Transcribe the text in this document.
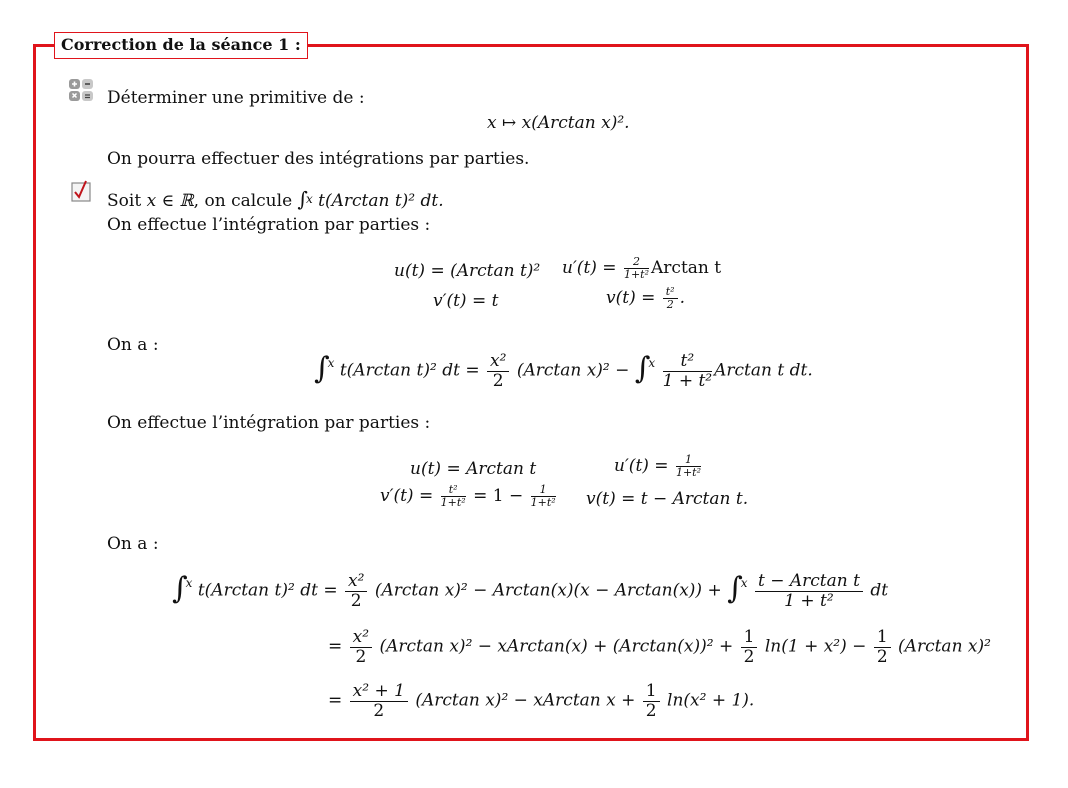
Correction de la séance 1 :
Déterminer une primitive de :
x ↦ x(Arctan x)².
On pourra effectuer des intégrations par parties.
Soit x ∈ ℝ, on calcule ∫$^x$ t(Arctan t)² dt.
On effectue l’intégration par parties :
u(t) = (Arctan t)² $u'(t) = \frac{2}{\text{1+t²}}$ Arctan t
v′(t) = t	$v(t) = \frac{\text{t²}}{2}$ .
On a :
∫$^x$ t(Arctan t)² dt = $\frac{\text{x²}}{2} (Arctan$ $x)^2 - \int^x \frac{\text{t²}}{\text{1 + t²}}$ Arctan t dt.
On effectue l’intégration par parties :
u(t) = Arctan t	$u'(t) = \frac{1}{\text{1+t²}}$
$v'(t) = \frac{\text{t²}}{\text{1+t²}} = 1 - \frac{1}{\text{1+t²}} v(t) = t - Arctan$ t.
On a :
∫$^x$ t(Arctan t)² dt = $\frac{\text{x²}}{2} (Arctan$ $x)^2 - Arctan(x)(x - Arctan(x)) + \int^x \frac{\text{t − Arctan t}}{\text{1 + t²}}$ dt
= $\frac{\text{x²}}{2} (Arctan$ x)² − xArctan(x) + $(Arctan(x))^2 + \frac{1}{2} \ln(1 + x^2) - \frac{1}{2} (Arctan$ x)²
= $\frac{\text{x² + 1}}{2} (Arctan$ x)² − xArctan $x + \frac{1}{2} \ln(x^2 + 1)$.
